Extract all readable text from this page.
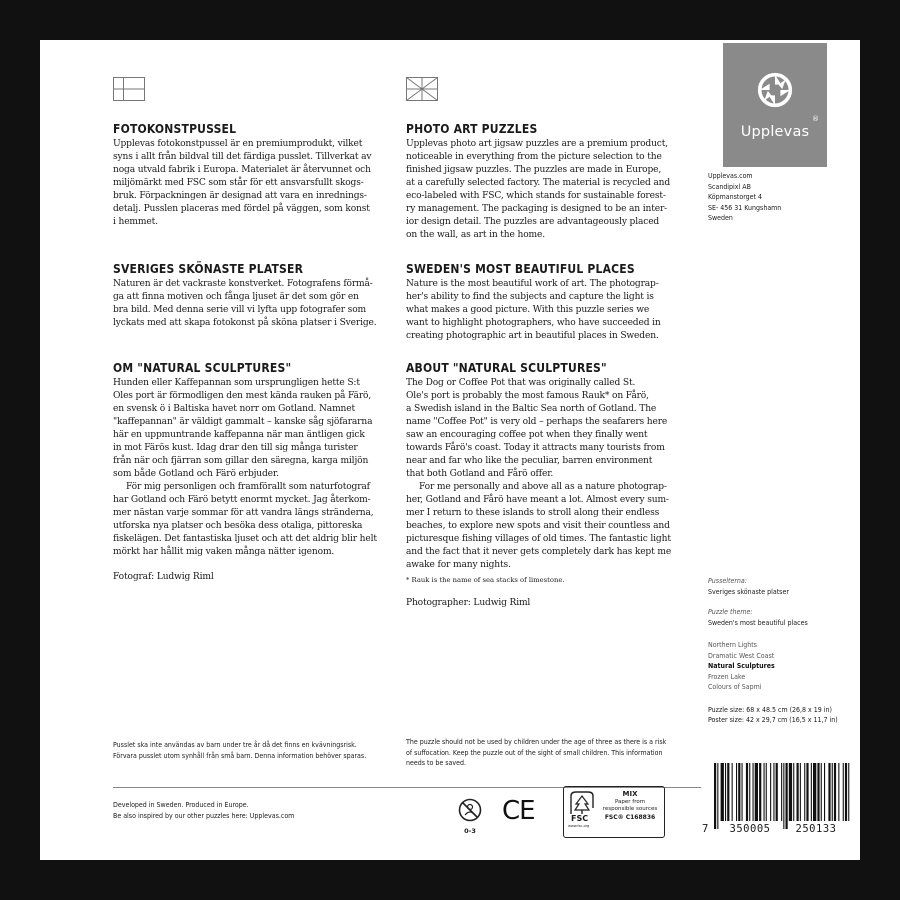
FOTOKONSTPUSSEL

Upplevas fotokonstpussel är en premiumprodukt, vilket

syns i allt från bildval till det färdiga pusslet. Tillverkat av

noga utvald fabrik i Europa. Materialet är återvunnet och

miljömärkt med FSC som står för ett ansvarsfullt skogs-

bruk. Förpackningen är designad att vara en inrednings-

detalj. Pusslen placeras med fördel på väggen, som konst

i hemmet.

SVERIGES SKÖNASTE PLATSER

Naturen är det vackraste konstverket. Fotografens förmå-

ga att finna motiven och fånga ljuset är det som gör en

bra bild. Med denna serie vill vi lyfta upp fotografer som

lyckats med att skapa fotokonst på sköna platser i Sverige.

OM "NATURAL SCULPTURES"

Hunden eller Kaffepannan som ursprungligen hette S:t

Oles port är förmodligen den mest kända rauken på Färö,

en svensk ö i Baltiska havet norr om Gotland. Namnet

"kaffepannan" är väldigt gammalt – kanske såg sjöfararna

här en uppmuntrande kaffepanna när man äntligen gick

in mot Färös kust. Idag drar den till sig många turister

från när och fjärran som gillar den säregna, karga miljön

som både Gotland och Färö erbjuder.

För mig personligen och framförallt som naturfotograf

har Gotland och Färö betytt enormt mycket. Jag återkom-

mer nästan varje sommar för att vandra längs stränderna,

utforska nya platser och besöka dess otaliga, pittoreska

fiskelägen. Det fantastiska ljuset och att det aldrig blir helt

mörkt har hållit mig vaken många nätter igenom.

Fotograf: Ludwig Riml

PHOTO ART PUZZLES

Upplevas photo art jigsaw puzzles are a premium product,

noticeable in everything from the picture selection to the

finished jigsaw puzzles. The puzzles are made in Europe,

at a carefully selected factory. The material is recycled and

eco-labeled with FSC, which stands for sustainable forest-

ry management. The packaging is designed to be an inter-

ior design detail. The puzzles are advantageously placed

on the wall, as art in the home.

SWEDEN'S MOST BEAUTIFUL PLACES

Nature is the most beautiful work of art. The photograp-

her's ability to find the subjects and capture the light is

what makes a good picture. With this puzzle series we

want to highlight photographers, who have succeeded in

creating photographic art in beautiful places in Sweden.

ABOUT "NATURAL SCULPTURES"

The Dog or Coffee Pot that was originally called St.

Ole's port is probably the most famous Rauk* on Fårö,

a Swedish island in the Baltic Sea north of Gotland. The

name "Coffee Pot" is very old – perhaps the seafarers here

saw an encouraging coffee pot when they finally went

towards Fårö's coast. Today it attracts many tourists from

near and far who like the peculiar, barren environment

that both Gotland and Fårö offer.

For me personally and above all as a nature photograp-

her, Gotland and Fårö have meant a lot. Almost every sum-

mer I return to these islands to stroll along their endless

beaches, to explore new spots and visit their countless and

picturesque fishing villages of old times. The fantastic light

and the fact that it never gets completely dark has kept me

awake for many nights.

* Rauk is the name of sea stacks of limestone.

Photographer: Ludwig Riml

Upplevas
®
Upplevas.com
Scandipixl AB
Köpmanstorget 4
SE- 456 31 Kungshamn
Sweden
Pusselterna:
Sveriges skönaste platser
Puzzle theme:
Sweden's most beautiful places
Northern Lights
Dramatic West Coast
Natural Sculptures
Frozen Lake
Colours of Sapmi
Puzzle size: 68 x 48.5 cm (26,8 x 19 in)
Poster size: 42 x 29,7 cm (16,5 x 11,7 in)
Pusslet ska inte användas av barn under tre år då det finns en kvävningsrisk.
Förvara pusslet utom synhåll från små barn. Denna information behöver sparas.
The puzzle should not be used by children under the age of three as there is a risk
of suffocation. Keep the puzzle out of the sight of small children. This information
needs to be saved.
Developed in Sweden. Produced in Europe.
Be also inspired by our other puzzles here: Upplevas.com
0-3
CE	FSC
www.fsc.org
MIX
Paper from
responsible sources
FSC® C168836
7	350005	250133
